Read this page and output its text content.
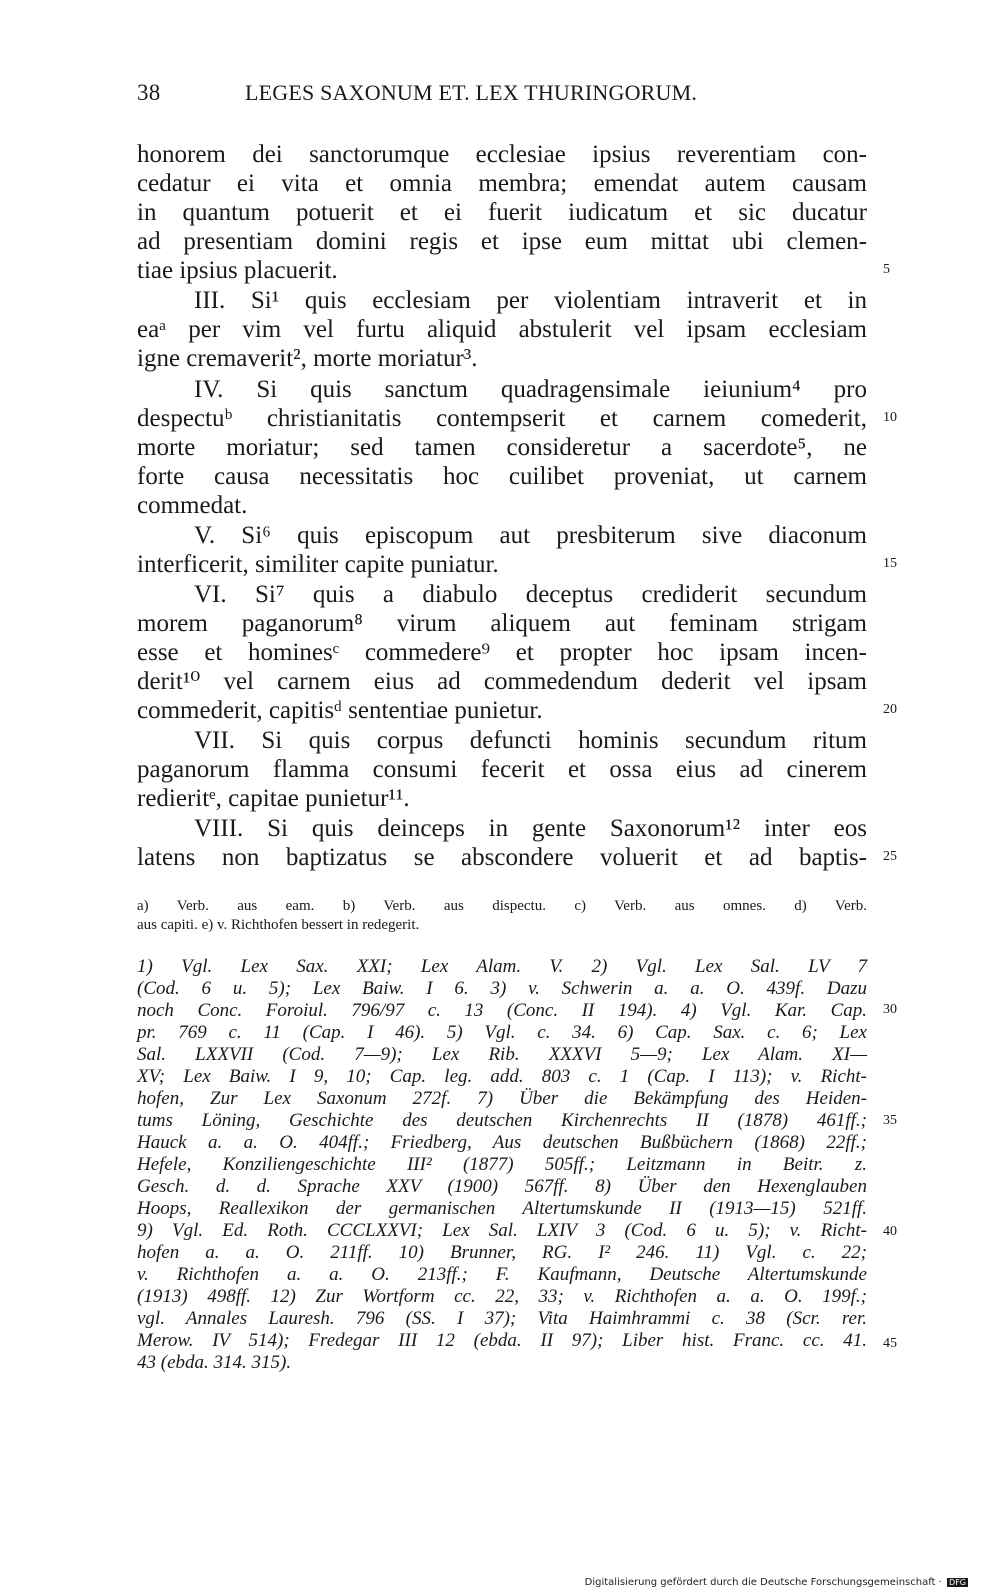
38	LEGES SAXONUM ET. LEX THURINGORUM.
honorem dei sanctorumque ecclesiae ipsius reverentiam con-
cedatur ei vita et omnia membra; emendat autem causam
in quantum potuerit et ei fuerit iudicatum et sic ducatur
ad presentiam domini regis et ipse eum mittat ubi clemen-
tiae ipsius placuerit.
III. Si¹ quis ecclesiam per violentiam intraverit et in
eaᵃ per vim vel furtu aliquid abstulerit vel ipsam ecclesiam
igne cremaverit², morte moriatur³.
IV. Si quis sanctum quadragensimale ieiunium⁴ pro
despectuᵇ christianitatis contempserit et carnem comederit,
morte moriatur; sed tamen consideretur a sacerdote⁵, ne
forte causa necessitatis hoc cuilibet proveniat, ut carnem
commedat.
V. Si⁶ quis episcopum aut presbiterum sive diaconum
interficerit, similiter capite puniatur.
VI. Si⁷ quis a diabulo deceptus crediderit secundum
morem paganorum⁸ virum aliquem aut feminam strigam
esse et hominesᶜ commedere⁹ et propter hoc ipsam incen-
derit¹⁰ vel carnem eius ad commedendum dederit vel ipsam
commederit, capitisᵈ sententiae punietur.
VII. Si quis corpus defuncti hominis secundum ritum
paganorum flamma consumi fecerit et ossa eius ad cinerem
redieritᵉ, capitae punietur¹¹.
VIII. Si quis deinceps in gente Saxonorum¹² inter eos
latens non baptizatus se abscondere voluerit et ad baptis-
a) Verb. aus eam. b) Verb. aus dispectu. c) Verb. aus omnes. d) Verb.
aus capiti. e) v. Richthofen bessert in redegerit.
1) Vgl. Lex Sax. XXI; Lex Alam. V. 2) Vgl. Lex Sal. LV 7
(Cod. 6 u. 5); Lex Baiw. I 6. 3) v. Schwerin a. a. O. 439f. Dazu
noch Conc. Foroiul. 796/97 c. 13 (Conc. II 194). 4) Vgl. Kar. Cap.
pr. 769 c. 11 (Cap. I 46). 5) Vgl. c. 34. 6) Cap. Sax. c. 6; Lex
Sal. LXXVII (Cod. 7—9); Lex Rib. XXXVI 5—9; Lex Alam. XI—
XV; Lex Baiw. I 9, 10; Cap. leg. add. 803 c. 1 (Cap. I 113); v. Richt-
hofen, Zur Lex Saxonum 272f. 7) Über die Bekämpfung des Heiden-
tums Löning, Geschichte des deutschen Kirchenrechts II (1878) 461ff.;
Hauck a. a. O. 404ff.; Friedberg, Aus deutschen Bußbüchern (1868) 22ff.;
Hefele, Konziliengeschichte III² (1877) 505ff.; Leitzmann in Beitr. z.
Gesch. d. d. Sprache XXV (1900) 567ff. 8) Über den Hexenglauben
Hoops, Reallexikon der germanischen Altertumskunde II (1913—15) 521ff.
9) Vgl. Ed. Roth. CCCLXXVI; Lex Sal. LXIV 3 (Cod. 6 u. 5); v. Richt-
hofen a. a. O. 211ff. 10) Brunner, RG. I² 246. 11) Vgl. c. 22;
v. Richthofen a. a. O. 213ff.; F. Kaufmann, Deutsche Altertumskunde
(1913) 498ff. 12) Zur Wortform cc. 22, 33; v. Richthofen a. a. O. 199f.;
vgl. Annales Lauresh. 796 (SS. I 37); Vita Haimhrammi c. 38 (Scr. rer.
Merow. IV 514); Fredegar III 12 (ebda. II 97); Liber hist. Franc. cc. 41.
43 (ebda. 314. 315).
5
10
15
20
25
30
35
40
45
Digitalisierung gefördert durch die Deutsche Forschungsgemeinschaft · DFG
